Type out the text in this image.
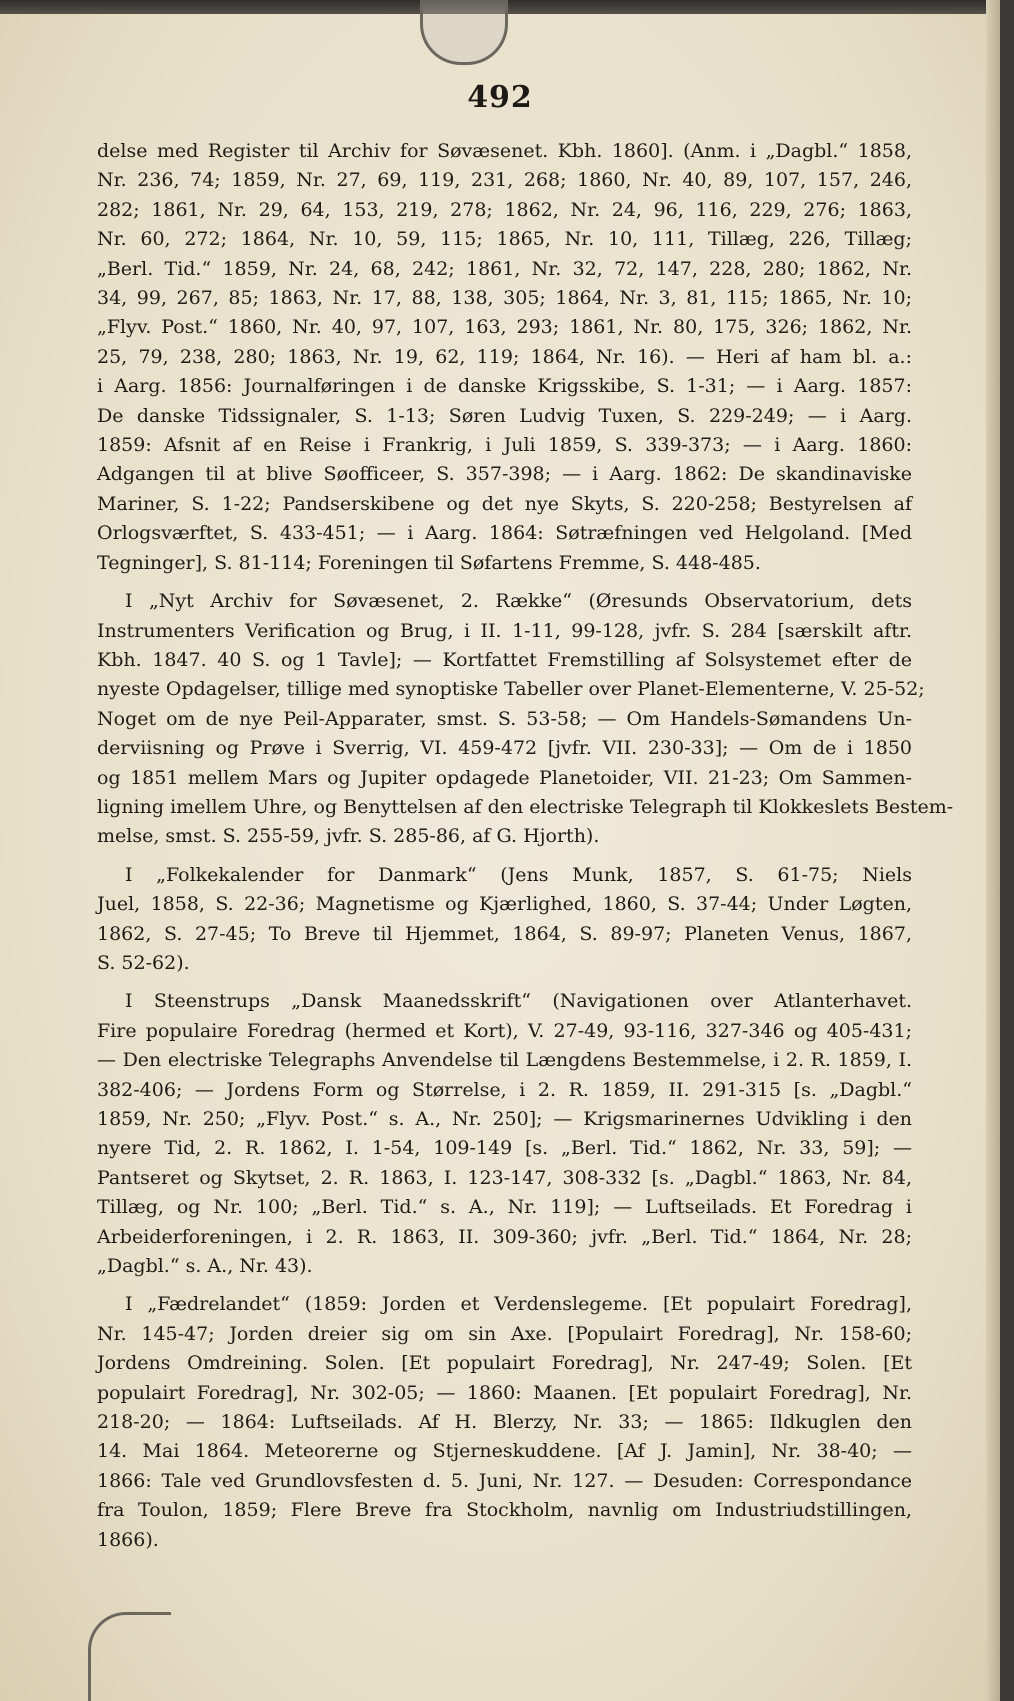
492
delse med Register til Archiv for Søvæsenet. Kbh. 1860]. (Anm. i „Dagbl.“ 1858,
Nr. 236, 74; 1859, Nr. 27, 69, 119, 231, 268; 1860, Nr. 40, 89, 107, 157, 246,
282; 1861, Nr. 29, 64, 153, 219, 278; 1862, Nr. 24, 96, 116, 229, 276; 1863,
Nr. 60, 272; 1864, Nr. 10, 59, 115; 1865, Nr. 10, 111, Tillæg, 226, Tillæg;
„Berl. Tid.“ 1859, Nr. 24, 68, 242; 1861, Nr. 32, 72, 147, 228, 280; 1862, Nr.
34, 99, 267, 85; 1863, Nr. 17, 88, 138, 305; 1864, Nr. 3, 81, 115; 1865, Nr. 10;
„Flyv. Post.“ 1860, Nr. 40, 97, 107, 163, 293; 1861, Nr. 80, 175, 326; 1862, Nr.
25, 79, 238, 280; 1863, Nr. 19, 62, 119; 1864, Nr. 16). — Heri af ham bl. a.:
i Aarg. 1856: Journalføringen i de danske Krigsskibe, S. 1-31; — i Aarg. 1857:
De danske Tidssignaler, S. 1-13; Søren Ludvig Tuxen, S. 229-249; — i Aarg.
1859: Afsnit af en Reise i Frankrig, i Juli 1859, S. 339-373; — i Aarg. 1860:
Adgangen til at blive Søofficeer, S. 357-398; — i Aarg. 1862: De skandinaviske
Mariner, S. 1-22; Pandserskibene og det nye Skyts, S. 220-258; Bestyrelsen af
Orlogsværftet, S. 433-451; — i Aarg. 1864: Søtræfningen ved Helgoland. [Med
Tegninger], S. 81-114; Foreningen til Søfartens Fremme, S. 448-485.
I „Nyt Archiv for Søvæsenet, 2. Række“ (Øresunds Observatorium, dets
Instrumenters Verification og Brug, i II. 1-11, 99-128, jvfr. S. 284 [særskilt aftr.
Kbh. 1847. 40 S. og 1 Tavle]; — Kortfattet Fremstilling af Solsystemet efter de
nyeste Opdagelser, tillige med synoptiske Tabeller over Planet-Elementerne, V. 25-52;
Noget om de nye Peil-Apparater, smst. S. 53-58; — Om Handels-Sømandens Un-
derviisning og Prøve i Sverrig, VI. 459-472 [jvfr. VII. 230-33]; — Om de i 1850
og 1851 mellem Mars og Jupiter opdagede Planetoider, VII. 21-23; Om Sammen-
ligning imellem Uhre, og Benyttelsen af den electriske Telegraph til Klokkeslets Bestem-
melse, smst. S. 255-59, jvfr. S. 285-86, af G. Hjorth).
I „Folkekalender for Danmark“ (Jens Munk, 1857, S. 61-75; Niels
Juel, 1858, S. 22-36; Magnetisme og Kjærlighed, 1860, S. 37-44; Under Løgten,
1862, S. 27-45; To Breve til Hjemmet, 1864, S. 89-97; Planeten Venus, 1867,
S. 52-62).
I Steenstrups „Dansk Maanedsskrift“ (Navigationen over Atlanterhavet.
Fire populaire Foredrag (hermed et Kort), V. 27-49, 93-116, 327-346 og 405-431;
— Den electriske Telegraphs Anvendelse til Længdens Bestemmelse, i 2. R. 1859, I.
382-406; — Jordens Form og Størrelse, i 2. R. 1859, II. 291-315 [s. „Dagbl.“
1859, Nr. 250; „Flyv. Post.“ s. A., Nr. 250]; — Krigsmarinernes Udvikling i den
nyere Tid, 2. R. 1862, I. 1-54, 109-149 [s. „Berl. Tid.“ 1862, Nr. 33, 59]; —
Pantseret og Skytset, 2. R. 1863, I. 123-147, 308-332 [s. „Dagbl.“ 1863, Nr. 84,
Tillæg, og Nr. 100; „Berl. Tid.“ s. A., Nr. 119]; — Luftseilads. Et Foredrag i
Arbeiderforeningen, i 2. R. 1863, II. 309-360; jvfr. „Berl. Tid.“ 1864, Nr. 28;
„Dagbl.“ s. A., Nr. 43).
I „Fædrelandet“ (1859: Jorden et Verdenslegeme. [Et populairt Foredrag],
Nr. 145-47; Jorden dreier sig om sin Axe. [Populairt Foredrag], Nr. 158-60;
Jordens Omdreining. Solen. [Et populairt Foredrag], Nr. 247-49; Solen. [Et
populairt Foredrag], Nr. 302-05; — 1860: Maanen. [Et populairt Foredrag], Nr.
218-20; — 1864: Luftseilads. Af H. Blerzy, Nr. 33; — 1865: Ildkuglen den
14. Mai 1864. Meteorerne og Stjerneskuddene. [Af J. Jamin], Nr. 38-40; —
1866: Tale ved Grundlovsfesten d. 5. Juni, Nr. 127. — Desuden: Correspondance
fra Toulon, 1859; Flere Breve fra Stockholm, navnlig om Industriudstillingen,
1866).
